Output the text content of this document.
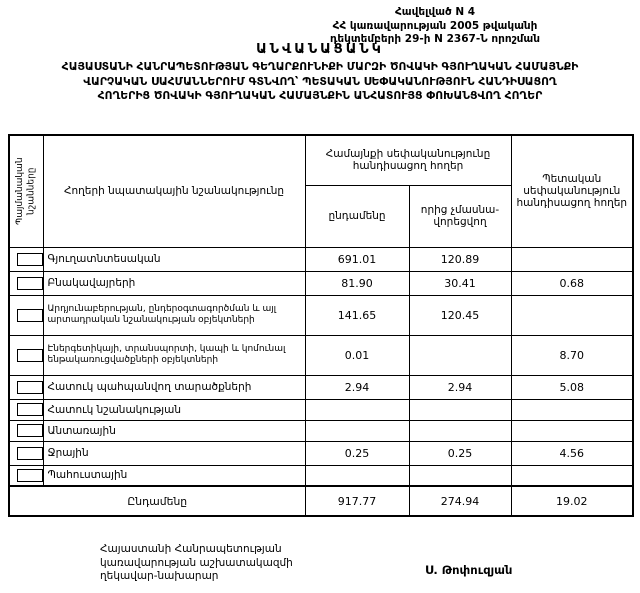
Հավելված N 4
ՀՀ կառավարության 2005 թվականի
դեկտեմբերի 29-ի N 2367-Ն որոշման
ԱՆՎԱՆԱՑԱՆԿ
ՀԱՅԱՍՏԱՆԻ ՀԱՆՐԱՊԵՏՈՒԹՅԱՆ ԳԵՂԱՐՔՈՒՆԻՔԻ ՄԱՐԶԻ ԾՈՎԱԿԻ ԳՅՈՒՂԱԿԱՆ ՀԱՄԱՅՆՔԻ
ՎԱՐՉԱԿԱՆ ՍԱՀՄԱՆՆԵՐՈՒՄ ԳՏՆՎՈՂ՝ ՊԵՏԱԿԱՆ ՍԵՓԱԿԱՆՈՒԹՅՈՒՆ ՀԱՆԴԻՍԱՑՈՂ
ՀՈՂԵՐԻՑ ԾՈՎԱԿԻ ԳՅՈՒՂԱԿԱՆ ՀԱՄԱՅՆՔԻՆ ԱՆՀԱՏՈՒՅՑ ՓՈԽԱՆՑՎՈՂ ՀՈՂԵՐ
Պայմանական նշանները	Հողերի նպատակային նշանակությունը	Համայնքի սեփականությունը հանդիսացող հողեր		Պետական սեփականություն հանդիսացող հողեր
		ընդամենը	որից չմասնա-
վորեցվող	

	Գյուղատնտեսական	691.01	120.89	

	Բնակավայրերի	81.90	30.41	0.68

	Արդյունաբերության, ընդերօգտագործման և այլ արտադրական նշանակության օբյեկտների	141.65	120.45	

	Էներգետիկայի, տրանսպորտի, կապի և կոմունալ ենթակառուցվածքների օբյեկտների	0.01		8.70

	Հատուկ պահպանվող տարածքների	2.94	2.94	5.08

	Հատուկ նշանակության			

	Անտառային			

	Ջրային	0.25	0.25	4.56

	Պահուստային			
Ընդամենը		917.77	274.94	19.02
Հայաստանի Հանրապետության
կառավարության աշխատակազմի
ղեկավար-նախարար	Ս. Թոփուզյան
